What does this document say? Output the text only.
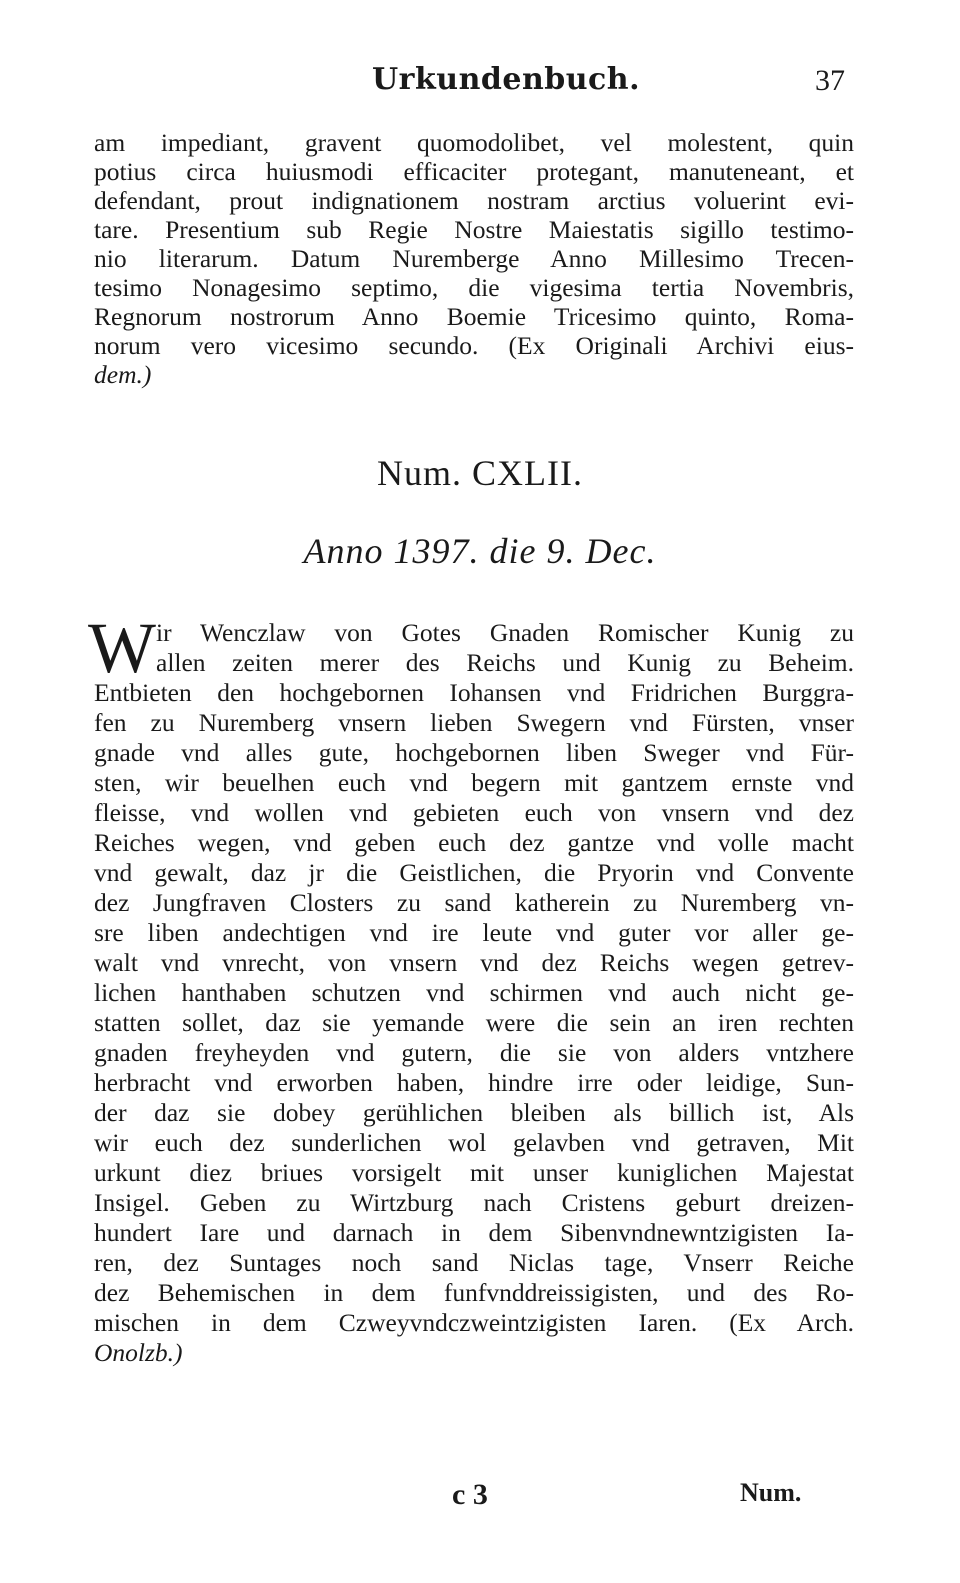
Urkundenbuch.	37
am impediant, gravent quomodolibet, vel molestent, quin
potius circa huiusmodi efficaciter protegant, manuteneant, et
defendant, prout indignationem nostram arctius voluerint evi-
tare. Presentium sub Regie Nostre Maiestatis sigillo testimo-
nio literarum. Datum Nuremberge Anno Millesimo Trecen-
tesimo Nonagesimo septimo, die vigesima tertia Novembris,
Regnorum nostrorum Anno Boemie Tricesimo quinto, Roma-
norum vero vicesimo secundo. (Ex Originali Archivi eius-
dem.)
Num. CXLII.
Anno 1397. die 9. Dec.
W ir Wenczlaw von Gotes Gnaden Romischer Kunig zu
allen zeiten merer des Reichs und Kunig zu Beheim.
Entbieten den hochgebornen Iohansen vnd Fridrichen Burggra-
fen zu Nuremberg vnsern lieben Swegern vnd Fürsten, vnser
gnade vnd alles gute, hochgebornen liben Sweger vnd Für-
sten, wir beuelhen euch vnd begern mit gantzem ernste vnd
fleisse, vnd wollen vnd gebieten euch von vnsern vnd dez
Reiches wegen, vnd geben euch dez gantze vnd volle macht
vnd gewalt, daz jr die Geistlichen, die Pryorin vnd Convente
dez Jungfraven Closters zu sand katherein zu Nuremberg vn-
sre liben andechtigen vnd ire leute vnd guter vor aller ge-
walt vnd vnrecht, von vnsern vnd dez Reichs wegen getrev-
lichen hanthaben schutzen vnd schirmen vnd auch nicht ge-
statten sollet, daz sie yemande were die sein an iren rechten
gnaden freyheyden vnd gutern, die sie von alders vntzhere
herbracht vnd erworben haben, hindre irre oder leidige, Sun-
der daz sie dobey gerühlichen bleiben als billich ist, Als
wir euch dez sunderlichen wol gelavben vnd getraven, Mit
urkunt diez briues vorsigelt mit unser kuniglichen Majestat
Insigel. Geben zu Wirtzburg nach Cristens geburt dreizen-
hundert Iare und darnach in dem Sibenvndnewntzigisten Ia-
ren, dez Suntages noch sand Niclas tage, Vnserr Reiche
dez Behemischen in dem funfvnddreissigisten, und des Ro-
mischen in dem Czweyvndczweintzigisten Iaren. (Ex Arch.
Onolzb.)
c 3	Num.
